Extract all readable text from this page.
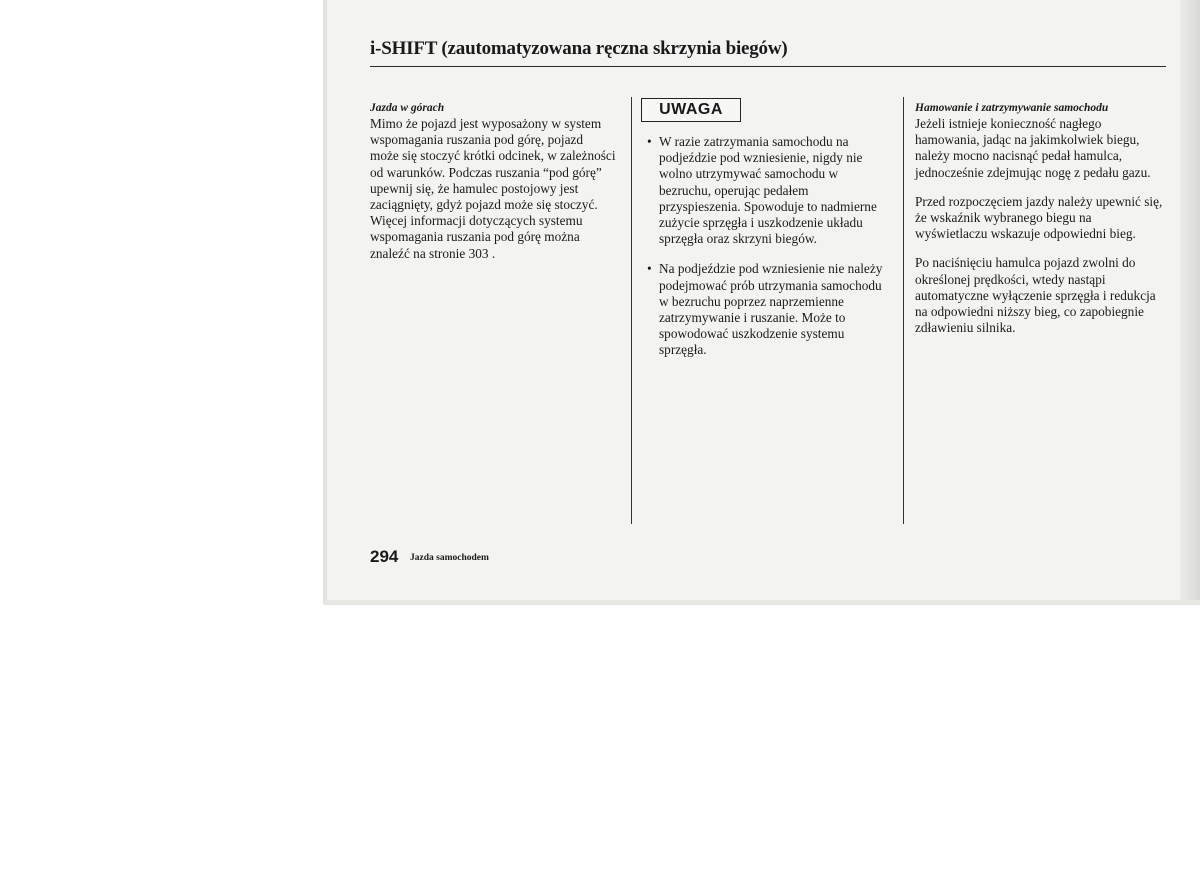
i-SHIFT (zautomatyzowana ręczna skrzynia biegów)
Jazda w górach
Mimo że pojazd jest wyposażony w system
wspomagania ruszania pod górę, pojazd
może się stoczyć krótki odcinek, w zależności
od warunków. Podczas ruszania “pod górę”
upewnij się, że hamulec postojowy jest
zaciągnięty, gdyż pojazd może się stoczyć.
Więcej informacji dotyczących systemu
wspomagania ruszania pod górę można
znaleźć na stronie 303 .
UWAGA
• W razie zatrzymania samochodu na
podjeździe pod wzniesienie, nigdy nie
wolno utrzymywać samochodu w
bezruchu, operując pedałem
przyspieszenia. Spowoduje to nadmierne
zużycie sprzęgła i uszkodzenie układu
sprzęgła oraz skrzyni biegów.
• Na podjeździe pod wzniesienie nie należy
podejmować prób utrzymania samochodu
w bezruchu poprzez naprzemienne
zatrzymywanie i ruszanie. Może to
spowodować uszkodzenie systemu
sprzęgła.
Hamowanie i zatrzymywanie samochodu
Jeżeli istnieje konieczność nagłego
hamowania, jadąc na jakimkolwiek biegu,
należy mocno nacisnąć pedał hamulca,
jednocześnie zdejmując nogę z pedału gazu.
Przed rozpoczęciem jazdy należy upewnić się,
że wskaźnik wybranego biegu na
wyświetlaczu wskazuje odpowiedni bieg.
Po naciśnięciu hamulca pojazd zwolni do
określonej prędkości, wtedy nastąpi
automatyczne wyłączenie sprzęgła i redukcja
na odpowiedni niższy bieg, co zapobiegnie
zdławieniu silnika.
294 Jazda samochodem
